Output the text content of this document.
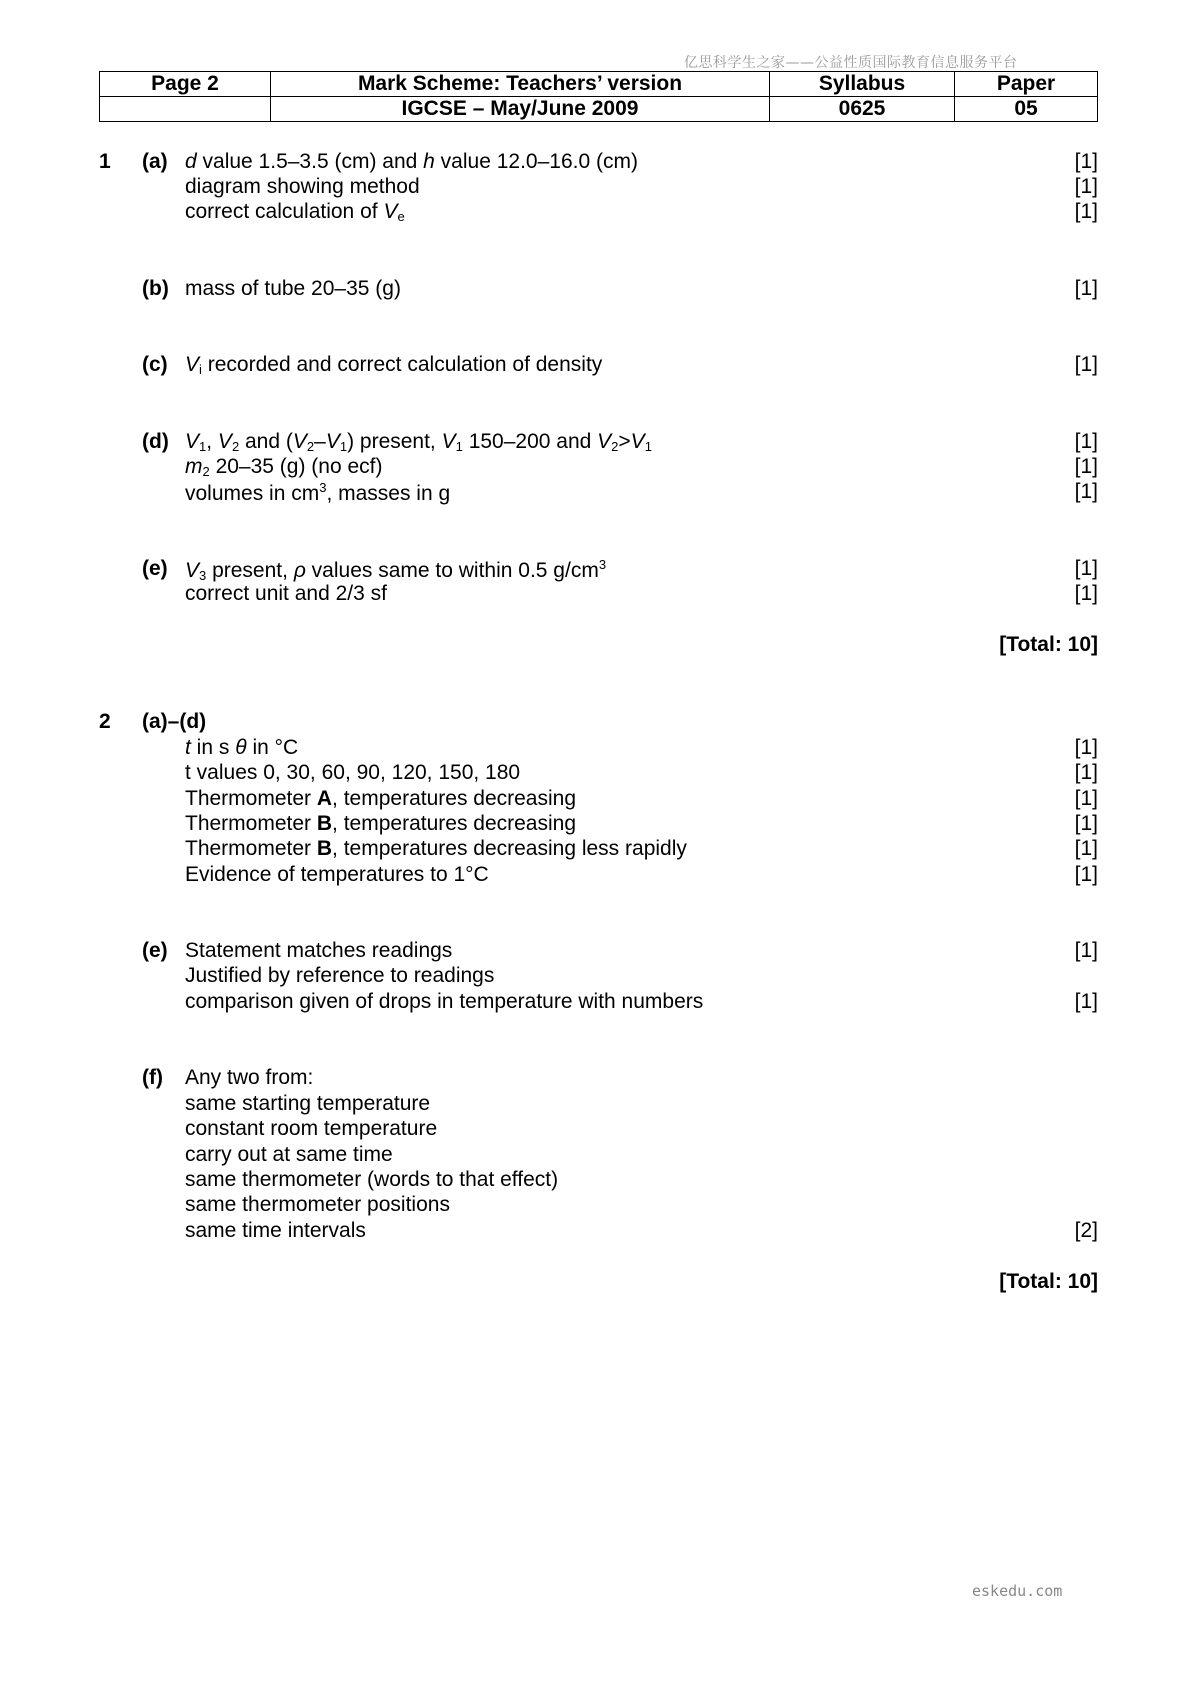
亿思科学生之家——公益性质国际教育信息服务平台
Page 2	Mark Scheme: Teachers’ version	Syllabus	Paper
	IGCSE – May/June 2009	0625	05
1 (a) d value 1.5–3.5 (cm) and h value 12.0–16.0 (cm)	[1]
diagram showing method	[1]
correct calculation of $V_e$	[1]
(b) mass of tube 20–35 (g)	[1]
(c) $V_i$ recorded and correct calculation of density	[1]
(d) $V_1$, $V_2$ and $(V_2-V_1)$ present, $V_1$ 150–200 and $V_2>V_1$	[1]
$m_2$ 20–35 (g) (no ecf)	[1]
volumes in $cm^3$, masses in g	[1]
(e) $V_3$ present, ρ values same to within 0.5 $g/cm^3$	[1]
correct unit and 2/3 sf	[1]
[Total: 10]
2 (a)–(d)
t in s θ in °C	[1]
t values 0, 30, 60, 90, 120, 150, 180	[1]
Thermometer A, temperatures decreasing	[1]
Thermometer B, temperatures decreasing	[1]
Thermometer B, temperatures decreasing less rapidly	[1]
Evidence of temperatures to 1°C	[1]
(e) Statement matches readings	[1]
Justified by reference to readings
comparison given of drops in temperature with numbers	[1]
(f) Any two from:
same starting temperature
constant room temperature
carry out at same time
same thermometer (words to that effect)
same thermometer positions
same time intervals	[2]
[Total: 10]
eskedu.com
